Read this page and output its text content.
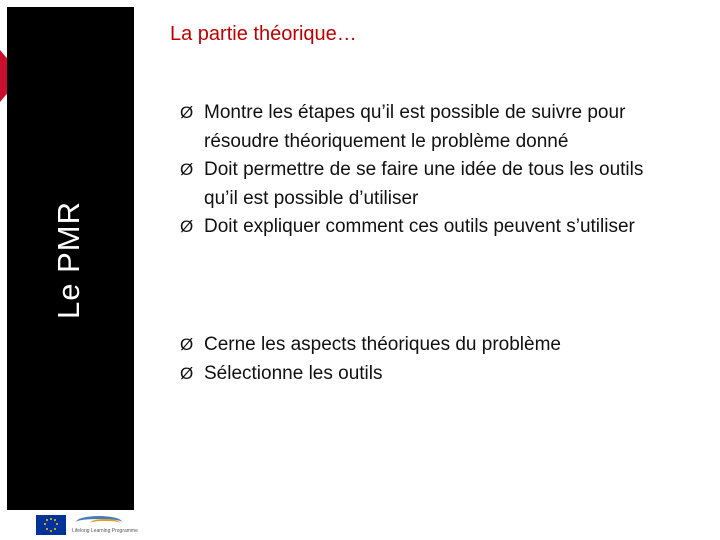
Le PMR
La partie théorique…
Ø Montre les étapes qu’il est possible de suivre pour résoudre théoriquement le problème donné
Ø Doit permettre de se faire une idée de tous les outils qu’il est possible d’utiliser
Ø Doit expliquer comment ces outils peuvent s’utiliser
Ø Cerne les aspects théoriques du problème
Ø Sélectionne les outils
Lifelong Learning Programme
